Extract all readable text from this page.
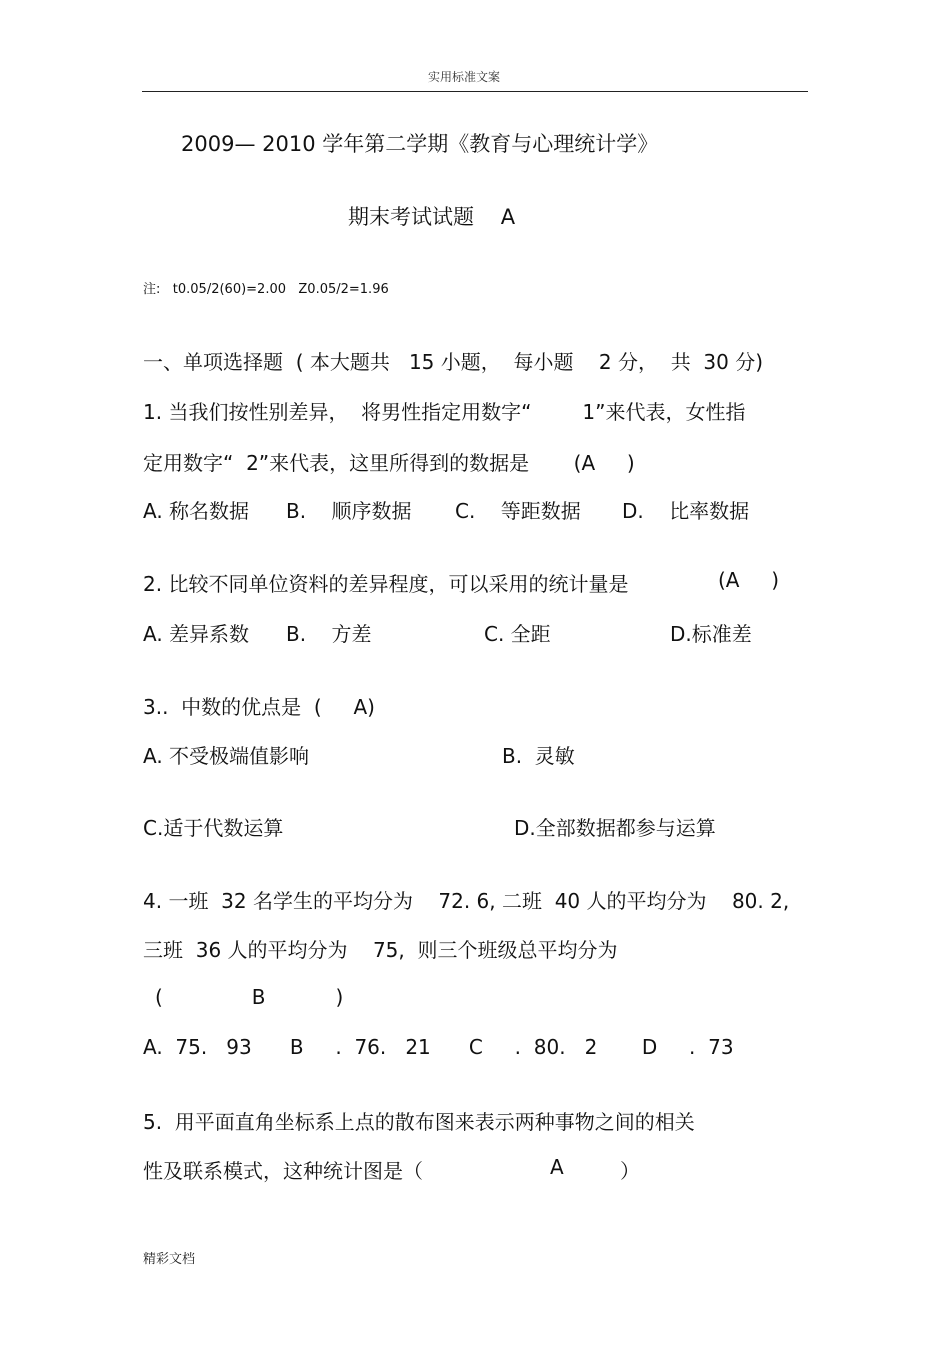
实用标准文案
2009— 2010 学年第二学期《教育与心理统计学》
期末考试试题    A
注:   t0.05/2(60)=2.00   Z0.05/2=1.96
一、单项选择题  ( 本大题共   15 小题，  每小题    2 分，  共  30 分)
1. 当我们按性别差异，  将男性指定用数字“        1”来代表，女性指
定用数字“  2”来代表，这里所得到的数据是       (A     )
A. 称名数据 B.    顺序数据 C.    等距数据 D.    比率数据
2. 比较不同单位资料的差异程度，可以采用的统计量是	(A     )
A. 差异系数 B.    方差	C. 全距	D.标准差
3..  中数的优点是  (     A)
A. 不受极端值影响	B.  灵敏
C.适于代数运算	D.全部数据都参与运算
4. 一班  32 名学生的平均分为    72. 6, 二班  40 人的平均分为    80. 2,
三班  36 人的平均分为    75,  则三个班级总平均分为
(              B           )
A.  75.   93      B     .  76.   21      C     .  80.   2       D     .  73
5.  用平面直角坐标系上点的散布图来表示两种事物之间的相关
性及联系模式，这种统计图是（	A	）
精彩文档
